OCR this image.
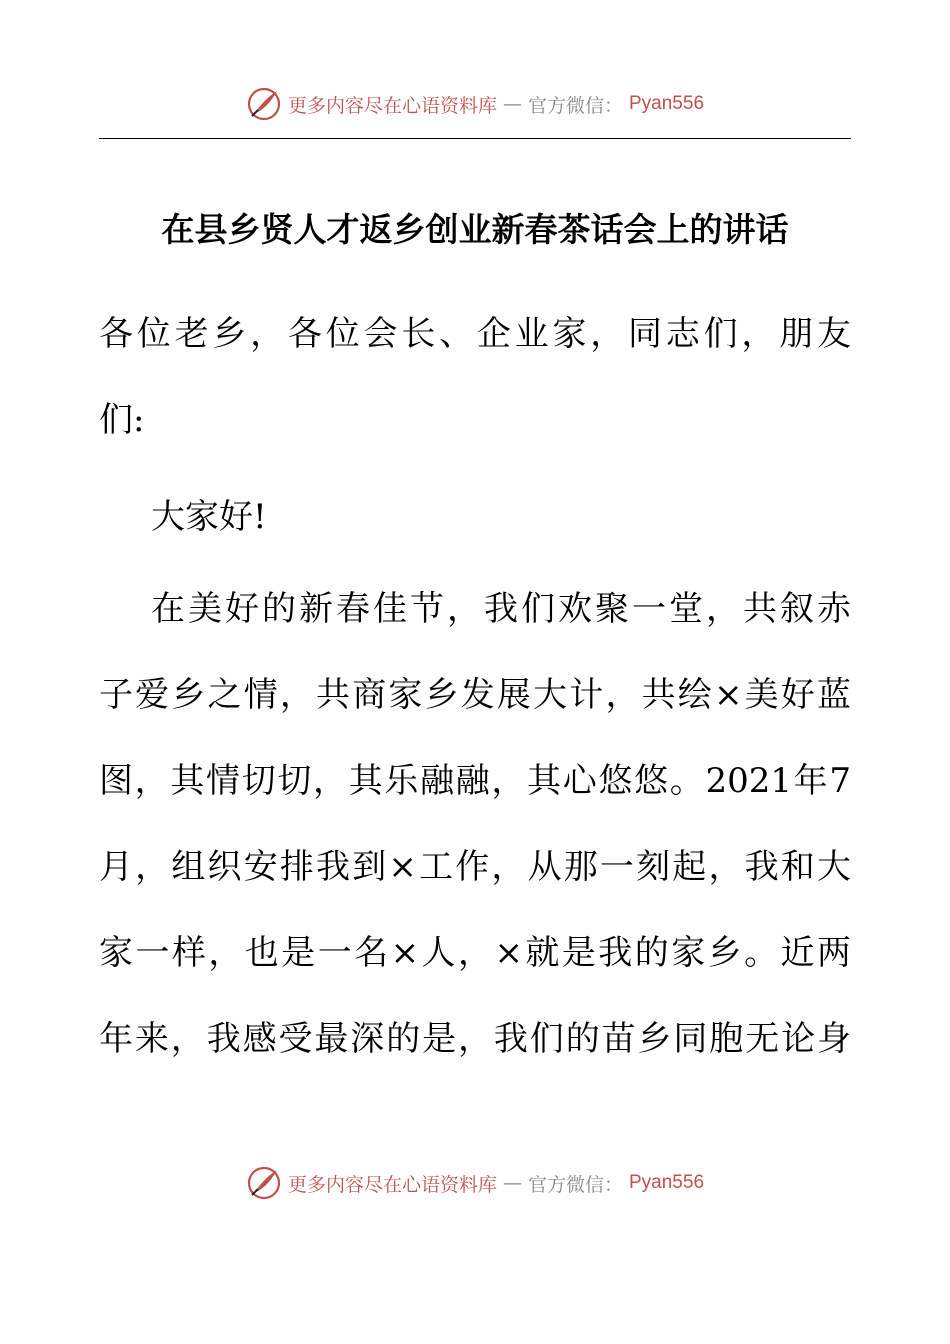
更多内容尽在心语资料库 — 官方微信： Pyan556
在县乡贤人才返乡创业新春茶话会上的讲话
各位老乡，各位会长、企业家，同志们，朋友
们:
大家好!
在美好的新春佳节，我们欢聚一堂，共叙赤
子爱乡之情，共商家乡发展大计，共绘×美好蓝
图，其情切切，其乐融融，其心悠悠。2021年7
月，组织安排我到×工作，从那一刻起，我和大
家一样，也是一名×人，×就是我的家乡。近两
年来，我感受最深的是，我们的苗乡同胞无论身
更多内容尽在心语资料库 — 官方微信： Pyan556
